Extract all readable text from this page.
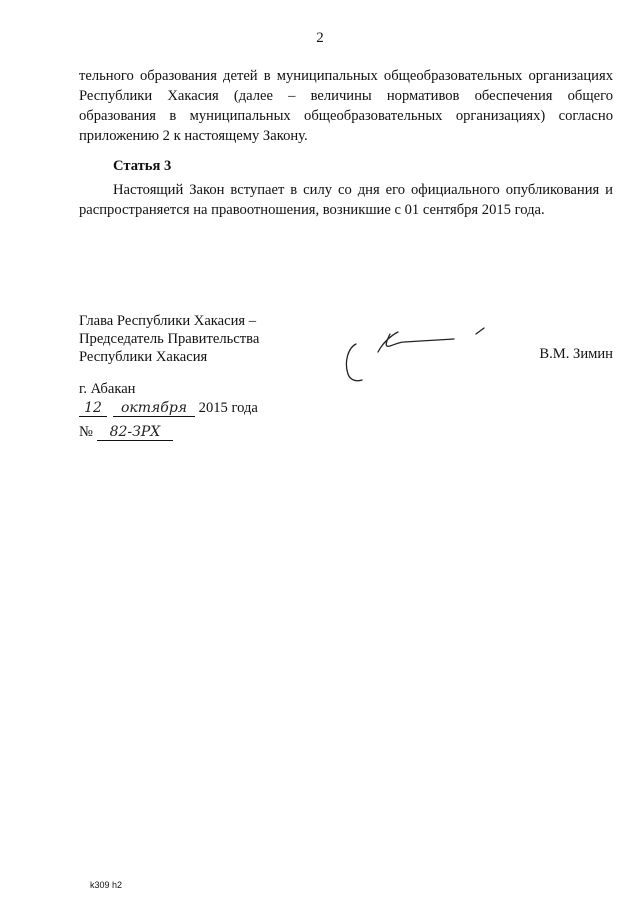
2
тельного образования детей в муниципальных общеобразовательных организациях Республики Хакасия (далее – величины нормативов обеспечения общего образования в муниципальных общеобразовательных организациях) согласно приложению 2 к настоящему Закону.
Статья 3
Настоящий Закон вступает в силу со дня его официального опубликования и распространяется на правоотношения, возникшие с 01 сентября 2015 года.
Глава Республики Хакасия –
Председатель Правительства
Республики Хакасия	В.М. Зимин
г. Абакан
12 октября 2015 года
№ 82-ЗРХ
k309 h2
